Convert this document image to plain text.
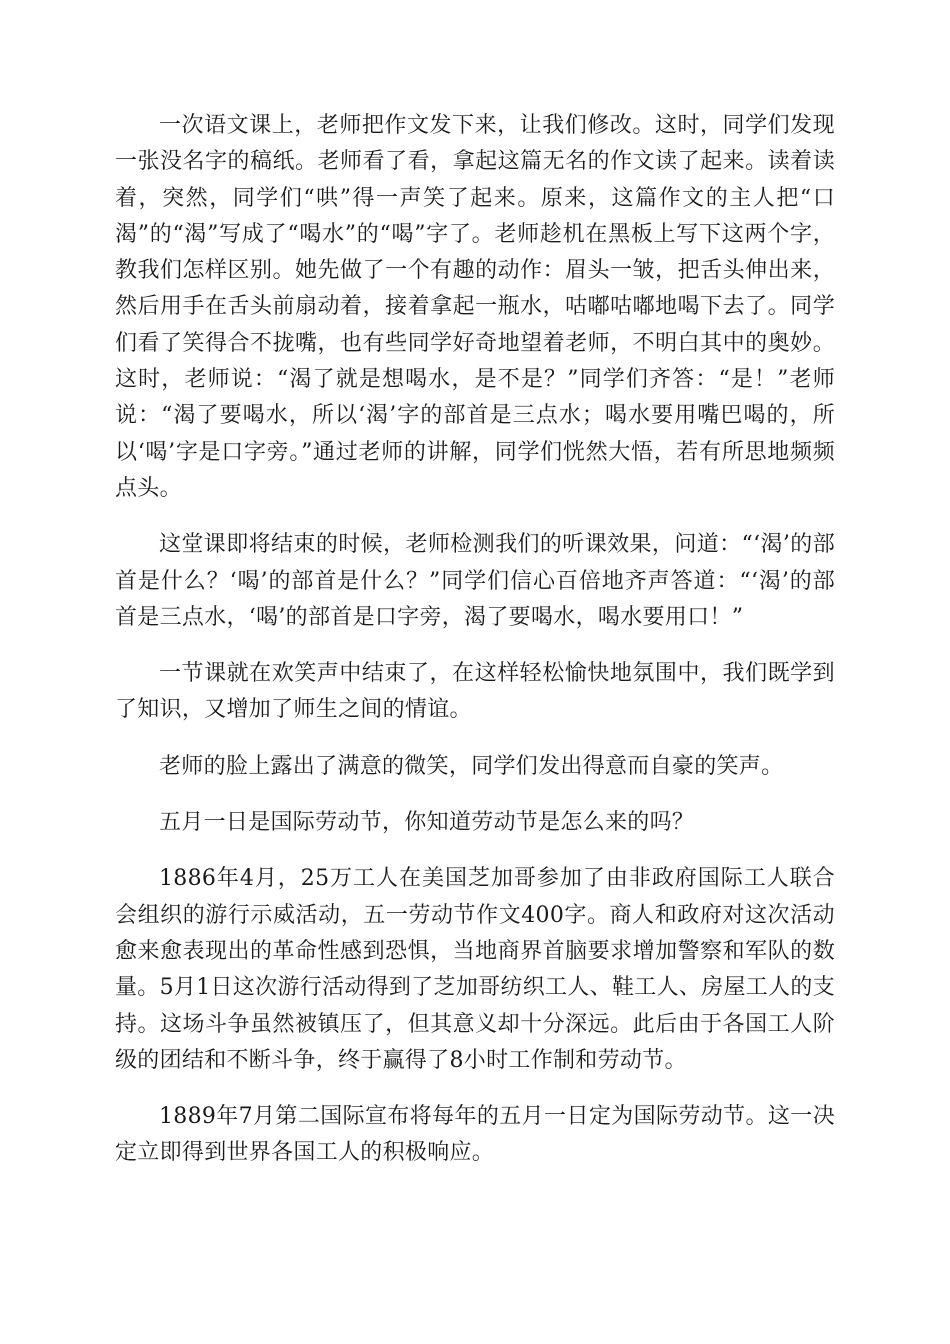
一次语文课上，老师把作文发下来，让我们修改。这时，同学们发现一张没名字的稿纸。老师看了看，拿起这篇无名的作文读了起来。读着读着，突然，同学们“哄”得一声笑了起来。原来，这篇作文的主人把“口渴”的“渴”写成了“喝水”的“喝”字了。老师趁机在黑板上写下这两个字，教我们怎样区别。她先做了一个有趣的动作：眉头一皱，把舌头伸出来，然后用手在舌头前扇动着，接着拿起一瓶水，咕嘟咕嘟地喝下去了。同学们看了笑得合不拢嘴，也有些同学好奇地望着老师，不明白其中的奥妙。这时，老师说：“渴了就是想喝水，是不是？”同学们齐答：“是！”老师说：“渴了要喝水，所以‘渴’字的部首是三点水；喝水要用嘴巴喝的，所以‘喝’字是口字旁。”通过老师的讲解，同学们恍然大悟，若有所思地频频点头。

这堂课即将结束的时候，老师检测我们的听课效果，问道：“‘渴’的部首是什么？‘喝’的部首是什么？”同学们信心百倍地齐声答道：“‘渴’的部首是三点水，‘喝’的部首是口字旁，渴了要喝水，喝水要用口！”

一节课就在欢笑声中结束了，在这样轻松愉快地氛围中，我们既学到了知识，又增加了师生之间的情谊。

老师的脸上露出了满意的微笑，同学们发出得意而自豪的笑声。

五月一日是国际劳动节，你知道劳动节是怎么来的吗？

1886年4月，25万工人在美国芝加哥参加了由非政府国际工人联合会组织的游行示威活动，五一劳动节作文400字。商人和政府对这次活动愈来愈表现出的革命性感到恐惧，当地商界首脑要求增加警察和军队的数量。5月1日这次游行活动得到了芝加哥纺织工人、鞋工人、房屋工人的支持。这场斗争虽然被镇压了，但其意义却十分深远。此后由于各国工人阶级的团结和不断斗争，终于赢得了8小时工作制和劳动节。

1889年7月第二国际宣布将每年的五月一日定为国际劳动节。这一决定立即得到世界各国工人的积极响应。
